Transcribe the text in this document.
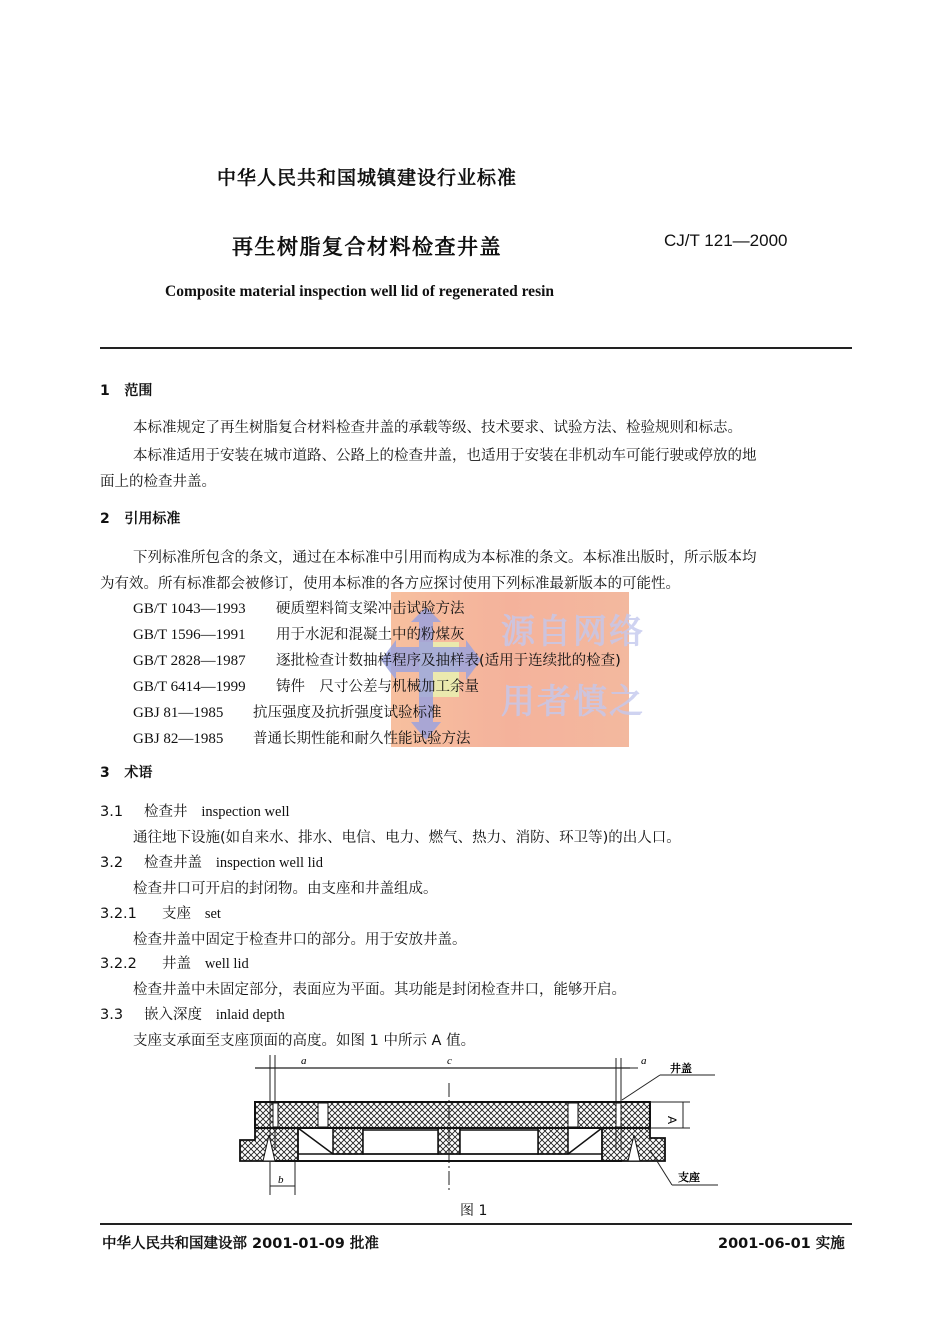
中华人民共和国城镇建设行业标准
再生树脂复合材料检查井盖	CJ/T 121—2000
Composite material inspection well lid of regenerated resin
1 范围
本标准规定了再生树脂复合材料检查井盖的承载等级、技术要求、试验方法、检验规则和标志。
本标准适用于安装在城市道路、公路上的检查井盖，也适用于安装在非机动车可能行驶或停放的地
面上的检查井盖。
2 引用标准
下列标准所包含的条文，通过在本标准中引用而构成为本标准的条文。本标准出版时，所示版本均
为有效。所有标准都会被修订，使用本标准的各方应探讨使用下列标准最新版本的可能性。
源自网络
用者慎之
GB/T 1043—1993 硬质塑料简支梁冲击试验方法
GB/T 1596—1991 用于水泥和混凝土中的粉煤灰
GB/T 2828—1987 逐批检查计数抽样程序及抽样表(适用于连续批的检查)
GB/T 6414—1999 铸件　尺寸公差与机械加工余量
GBJ 81—1985 抗压强度及抗折强度试验标准
GBJ 82—1985 普通长期性能和耐久性能试验方法
3 术语
3.1 检查井 inspection well
通往地下设施(如自来水、排水、电信、电力、燃气、热力、消防、环卫等)的出人口。
3.2 检查井盖 inspection well lid
检查井口可开启的封闭物。由支座和井盖组成。
3.2.1 支座 set
检查井盖中固定于检查井口的部分。用于安放井盖。
3.2.2 井盖 well lid
检查井盖中未固定部分，表面应为平面。其功能是封闭检查井口，能够开启。
3.3 嵌入深度 inlaid depth
支座支承面至支座顶面的高度。如图 1 中所示 A 值。
a	c	a
b
A
井盖
支座
图 1
中华人民共和国建设部 2001-01-09 批准	2001-06-01 实施
